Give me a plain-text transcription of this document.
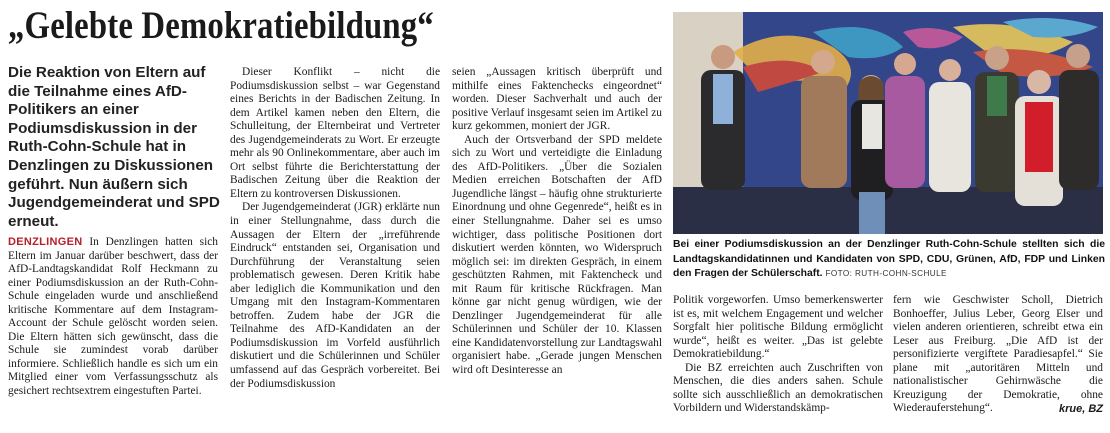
„Gelebte Demokratiebildung“
Die Reaktion von Eltern auf die Teilnahme eines AfD-Politikers an einer Podiumsdiskussion in der Ruth-Cohn-Schule hat in Denzlingen zu Diskussionen geführt. Nun äußern sich Jugendgemeinderat und SPD erneut.

DENZLINGEN In Denzlingen hatten sich Eltern im Januar darüber beschwert, dass der AfD-Landtagskandidat Rolf Heckmann zu einer Podiumsdiskussion an der Ruth-Cohn-Schule eingeladen wurde und anschließend kritische Kommentare auf dem Instagram-Account der Schule gelöscht worden seien. Die Eltern hätten sich gewünscht, dass die Schule sie zumindest vorab darüber informiere. Schließlich handle es sich um ein Mitglied einer vom Verfassungsschutz als gesichert rechtsextrem eingestuften Partei.

Dieser Konflikt – nicht die Podiumsdiskussion selbst – war Gegenstand eines Berichts in der Badischen Zeitung. In dem Artikel kamen neben den Eltern, die Schulleitung, der Elternbeirat und Vertreter des Jugendgemeinderats zu Wort. Er erzeugte mehr als 90 Onlinekommentare, aber auch im Ort selbst führte die Berichterstattung der Badischen Zeitung über die Reaktion der Eltern zu kontroversen Diskussionen.

Der Jugendgemeinderat (JGR) erklärte nun in einer Stellungnahme, dass durch die Aussagen der Eltern der „irreführende Eindruck“ entstanden sei, Organisation und Durchführung der Veranstaltung seien problematisch gewesen. Deren Kritik habe aber lediglich die Kommunikation und den Umgang mit den Instagram-Kommentaren betroffen. Zudem habe der JGR die Teilnahme des AfD-Kandidaten an der Podiumsdiskussion im Vorfeld ausführlich diskutiert und die Schülerinnen und Schüler umfassend auf das Gespräch vorbereitet. Bei der Podiumsdiskussion

seien „Aussagen kritisch überprüft und mithilfe eines Faktenchecks eingeordnet“ worden. Dieser Sachverhalt und auch der positive Verlauf insgesamt seien im Artikel zu kurz gekommen, moniert der JGR.

Auch der Ortsverband der SPD meldete sich zu Wort und verteidigte die Einladung des AfD-Politikers. „Über die Sozialen Medien erreichen Botschaften der AfD Jugendliche längst – häufig ohne strukturierte Einordnung und ohne Gegenrede“, heißt es in einer Stellungnahme. Daher sei es umso wichtiger, dass politische Positionen dort diskutiert werden könnten, wo Widerspruch möglich sei: im direkten Gespräch, in einem geschützten Rahmen, mit Faktencheck und mit Raum für kritische Rückfragen. Man könne gar nicht genug würdigen, wie der Denzlinger Jugendgemeinderat für alle Schülerinnen und Schüler der 10. Klassen eine Kandidatenvorstellung zur Landtagswahl organisiert habe. „Gerade jungen Menschen wird oft Desinteresse an

Bei einer Podiumsdiskussion an der Denzlinger Ruth-Cohn-Schule stellten sich die Landtagskandidatinnen und Kandidaten von SPD, CDU, Grünen, AfD, FDP und Linken den Fragen der Schülerschaft. FOTO: RUTH-COHN-SCHULE

Politik vorgeworfen. Umso bemerkenswerter ist es, mit welchem Engagement und welcher Sorgfalt hier politische Bildung ermöglicht wurde“, heißt es weiter. „Das ist gelebte Demokratiebildung.“

Die BZ erreichten auch Zuschriften von Menschen, die dies anders sahen. Schule sollte sich ausschließlich an demokratischen Vorbildern und Widerstandskämp-

fern wie Geschwister Scholl, Dietrich Bonhoeffer, Julius Leber, Georg Elser und vielen anderen orientieren, schreibt etwa ein Leser aus Freiburg. „Die AfD ist der personifizierte vergiftete Paradiesapfel.“ Sie plane mit „autoritären Mitteln und nationalistischer Gehirnwäsche die Kreuzigung der Demokratie, ohne Wiederauferstehung“.	krue, BZ
